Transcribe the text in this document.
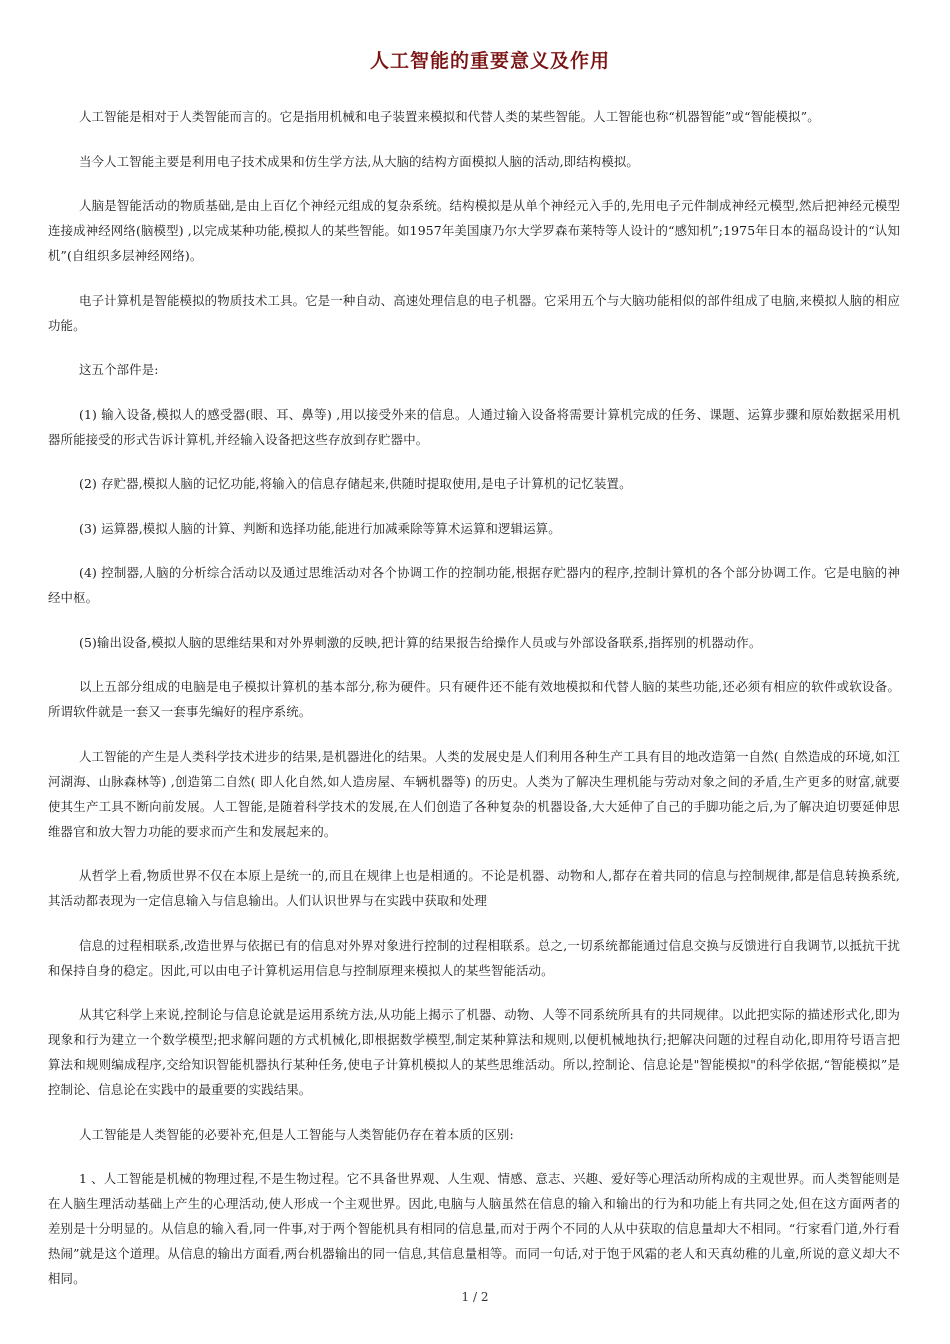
人工智能的重要意义及作用

人工智能是相对于人类智能而言的。它是指用机械和电子装置来模拟和代替人类的某些智能。人工智能也称“机器智能”或“智能模拟”。

当今人工智能主要是利用电子技术成果和仿生学方法,从大脑的结构方面模拟人脑的活动,即结构模拟。

人脑是智能活动的物质基础,是由上百亿个神经元组成的复杂系统。结构模拟是从单个神经元入手的,先用电子元件制成神经元模型,然后把神经元模型连接成神经网络(脑模型) ,以完成某种功能,模拟人的某些智能。如1957年美国康乃尔大学罗森布莱特等人设计的“感知机”;1975年日本的福岛设计的“认知机”(自组织多层神经网络)。

电子计算机是智能模拟的物质技术工具。它是一种自动、高速处理信息的电子机器。它采用五个与大脑功能相似的部件组成了电脑,来模拟人脑的相应功能。

这五个部件是:

(1) 输入设备,模拟人的感受器(眼、耳、鼻等) ,用以接受外来的信息。人通过输入设备将需要计算机完成的任务、课题、运算步骤和原始数据采用机器所能接受的形式告诉计算机,并经输入设备把这些存放到存贮器中。

(2) 存贮器,模拟人脑的记忆功能,将输入的信息存储起来,供随时提取使用,是电子计算机的记忆装置。

(3) 运算器,模拟人脑的计算、判断和选择功能,能进行加减乘除等算术运算和逻辑运算。

(4) 控制器,人脑的分析综合活动以及通过思维活动对各个协调工作的控制功能,根据存贮器内的程序,控制计算机的各个部分协调工作。它是电脑的神经中枢。

(5)输出设备,模拟人脑的思维结果和对外界刺激的反映,把计算的结果报告给操作人员或与外部设备联系,指挥别的机器动作。

以上五部分组成的电脑是电子模拟计算机的基本部分,称为硬件。只有硬件还不能有效地模拟和代替人脑的某些功能,还必须有相应的软件或软设备。所谓软件就是一套又一套事先编好的程序系统。

人工智能的产生是人类科学技术进步的结果,是机器进化的结果。人类的发展史是人们利用各种生产工具有目的地改造第一自然( 自然造成的环境,如江河湖海、山脉森林等) ,创造第二自然( 即人化自然,如人造房屋、车辆机器等) 的历史。人类为了解决生理机能与劳动对象之间的矛盾,生产更多的财富,就要使其生产工具不断向前发展。人工智能,是随着科学技术的发展,在人们创造了各种复杂的机器设备,大大延伸了自己的手脚功能之后,为了解决迫切要延伸思维器官和放大智力功能的要求而产生和发展起来的。

从哲学上看,物质世界不仅在本原上是统一的,而且在规律上也是相通的。不论是机器、动物和人,都存在着共同的信息与控制规律,都是信息转换系统,其活动都表现为一定信息输入与信息输出。人们认识世界与在实践中获取和处理

信息的过程相联系,改造世界与依据已有的信息对外界对象进行控制的过程相联系。总之,一切系统都能通过信息交换与反馈进行自我调节,以抵抗干扰和保持自身的稳定。因此,可以由电子计算机运用信息与控制原理来模拟人的某些智能活动。

从其它科学上来说,控制论与信息论就是运用系统方法,从功能上揭示了机器、动物、人等不同系统所具有的共同规律。以此把实际的描述形式化,即为现象和行为建立一个数学模型;把求解问题的方式机械化,即根据数学模型,制定某种算法和规则,以便机械地执行;把解决问题的过程自动化,即用符号语言把算法和规则编成程序,交给知识智能机器执行某种任务,使电子计算机模拟人的某些思维活动。所以,控制论、信息论是"智能模拟"的科学依据,“智能模拟”是控制论、信息论在实践中的最重要的实践结果。

人工智能是人类智能的必要补充,但是人工智能与人类智能仍存在着本质的区别:

1 、人工智能是机械的物理过程,不是生物过程。它不具备世界观、人生观、情感、意志、兴趣、爱好等心理活动所构成的主观世界。而人类智能则是在人脑生理活动基础上产生的心理活动,使人形成一个主观世界。因此,电脑与人脑虽然在信息的输入和输出的行为和功能上有共同之处,但在这方面两者的差别是十分明显的。从信息的输入看,同一件事,对于两个智能机具有相同的信息量,而对于两个不同的人从中获取的信息量却大不相同。“行家看门道,外行看热闹”就是这个道理。从信息的输出方面看,两台机器输出的同一信息,其信息量相等。而同一句话,对于饱于风霜的老人和天真幼稚的儿童,所说的意义却大不相同。

1 / 2
